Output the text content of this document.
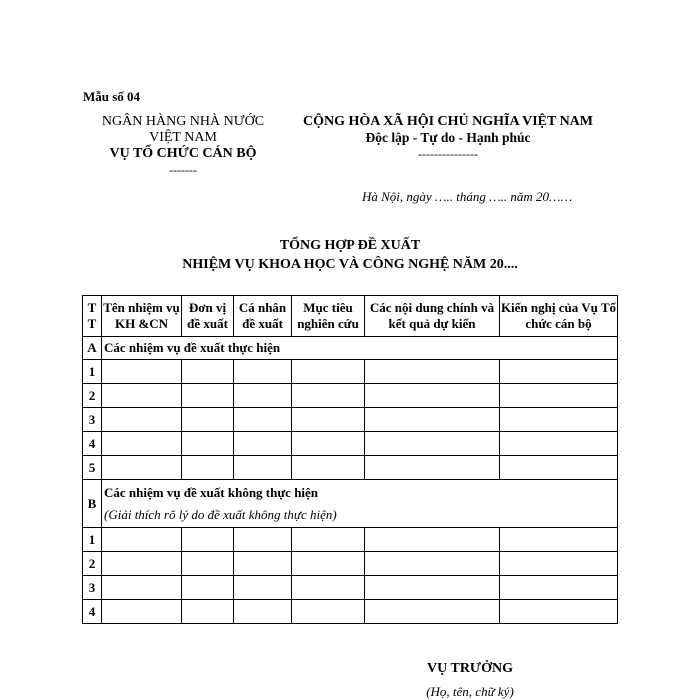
Mẫu số 04
NGÂN HÀNG NHÀ NƯỚC
VIỆT NAM
VỤ TỔ CHỨC CÁN BỘ
-------
CỘNG HÒA XÃ HỘI CHỦ NGHĨA VIỆT NAM
Độc lập - Tự do - Hạnh phúc
---------------
Hà Nội, ngày ….. tháng ….. năm 20……
TỔNG HỢP ĐỀ XUẤT
NHIỆM VỤ KHOA HỌC VÀ CÔNG NGHỆ NĂM 20....
T T	Tên nhiệm vụ KH &CN	Đơn vị đề xuất	Cá nhân đề xuất	Mục tiêu nghiên cứu	Các nội dung chính và kết quả dự kiến	Kiến nghị của Vụ Tổ chức cán bộ
A	Các nhiệm vụ đề xuất thực hiện					
1						
2						
3						
4						
5						
B	Các nhiệm vụ đề xuất không thực hiện
(Giải thích rõ lý do đề xuất không thực hiện)					

1						
2						
3						
4						
VỤ TRƯỞNG
(Họ, tên, chữ ký)
